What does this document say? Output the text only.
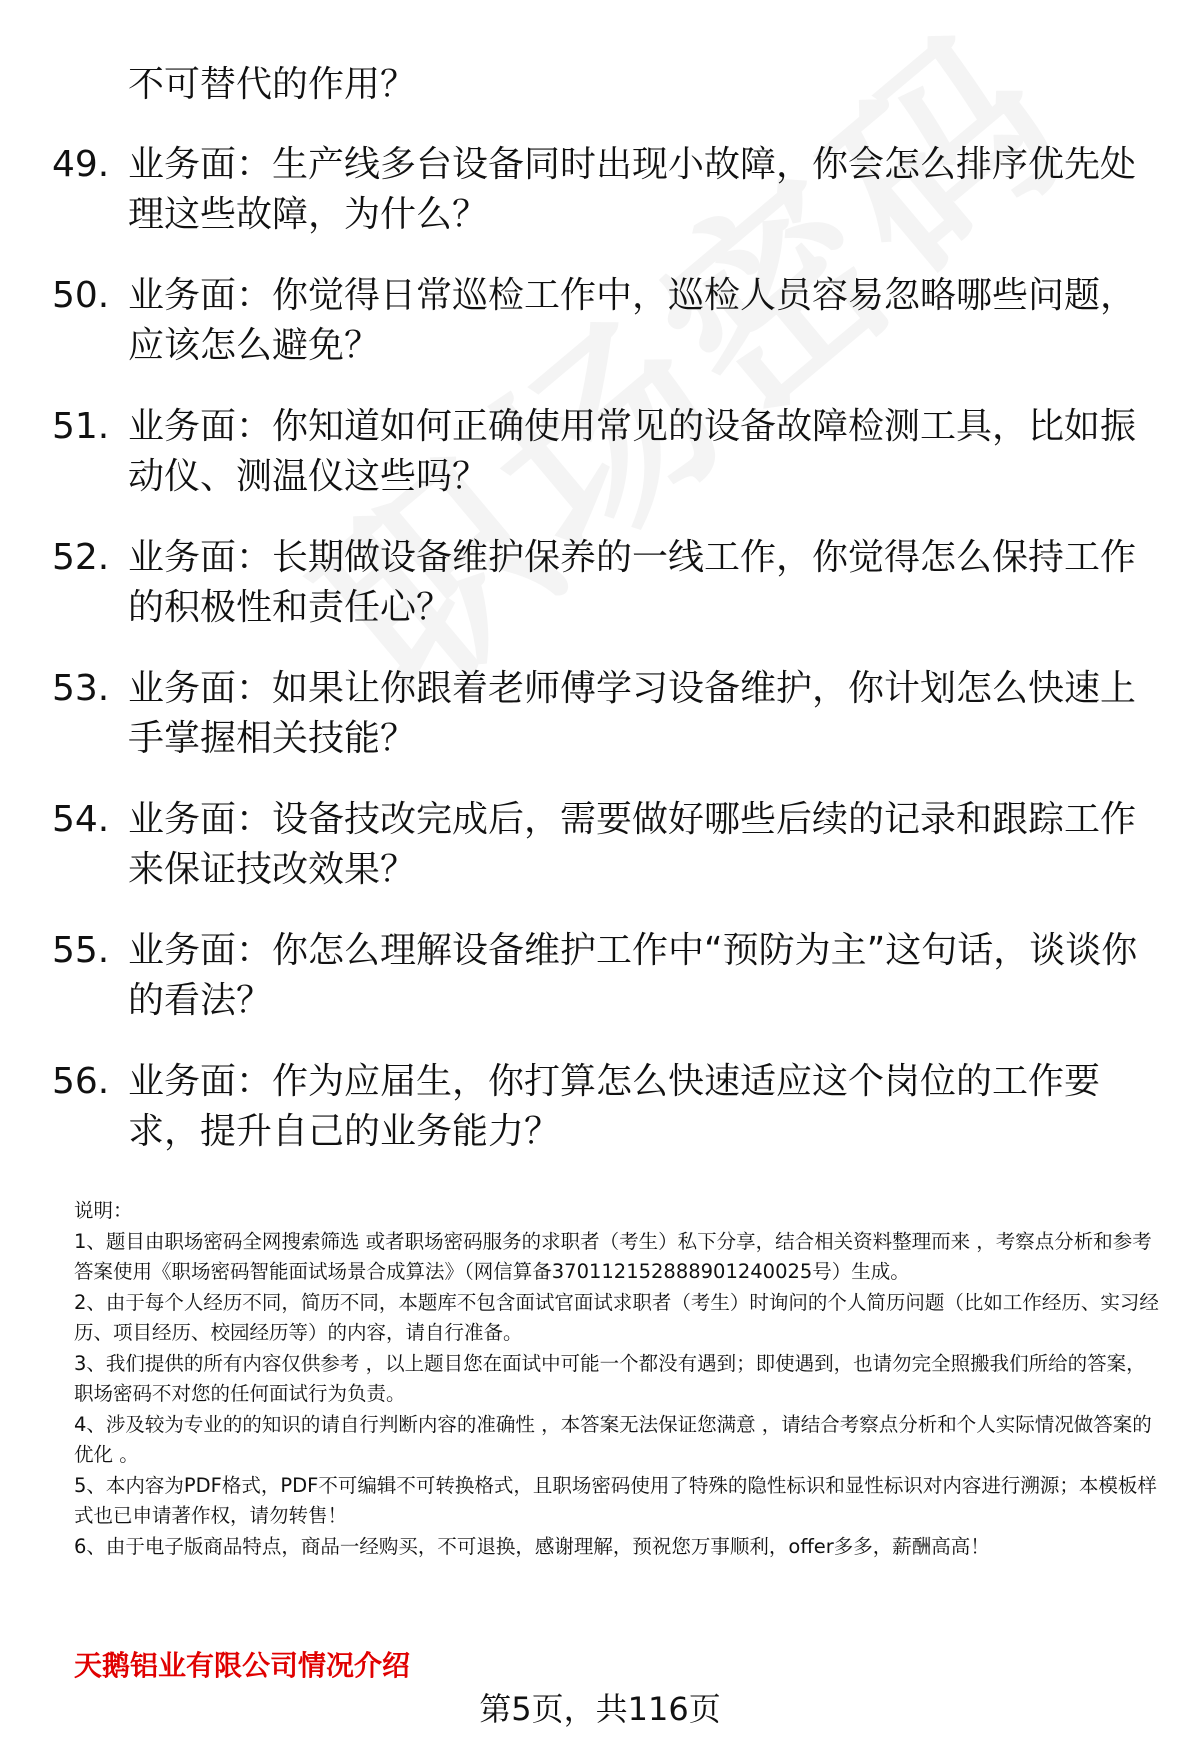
不可替代的作用？
49. 业务面：生产线多台设备同时出现小故障，你会怎么排序优先处理这些故障，为什么？
50. 业务面：你觉得日常巡检工作中，巡检人员容易忽略哪些问题，应该怎么避免？
51. 业务面：你知道如何正确使用常见的设备故障检测工具，比如振动仪、测温仪这些吗？
52. 业务面：长期做设备维护保养的一线工作，你觉得怎么保持工作的积极性和责任心？
53. 业务面：如果让你跟着老师傅学习设备维护，你计划怎么快速上手掌握相关技能？
54. 业务面：设备技改完成后，需要做好哪些后续的记录和跟踪工作来保证技改效果？
55. 业务面：你怎么理解设备维护工作中“预防为主”这句话，谈谈你的看法？
56. 业务面：作为应届生，你打算怎么快速适应这个岗位的工作要求，提升自己的业务能力？

说明：

1、题目由职场密码全网搜索筛选 或者职场密码服务的求职者（考生）私下分享，结合相关资料整理而来 ，考察点分析和参考答案使用《职场密码智能面试场景合成算法》（网信算备370112152888901240025号）生成。

2、由于每个人经历不同，简历不同，本题库不包含面试官面试求职者（考生）时询问的个人简历问题（比如工作经历、实习经历、项目经历、校园经历等）的内容，请自行准备。

3、我们提供的所有内容仅供参考 ，以上题目您在面试中可能一个都没有遇到；即使遇到，也请勿完全照搬我们所给的答案，职场密码不对您的任何面试行为负责。

4、涉及较为专业的的知识的请自行判断内容的准确性 ，本答案无法保证您满意 ，请结合考察点分析和个人实际情况做答案的优化 。

5、本内容为PDF格式，PDF不可编辑不可转换格式，且职场密码使用了特殊的隐性标识和显性标识对内容进行溯源；本模板样式也已申请著作权，请勿转售！

6、由于电子版商品特点，商品一经购买，不可退换，感谢理解，预祝您万事顺利，offer多多，薪酬高高！

天鹅铝业有限公司情况介绍
第5页，共116页
